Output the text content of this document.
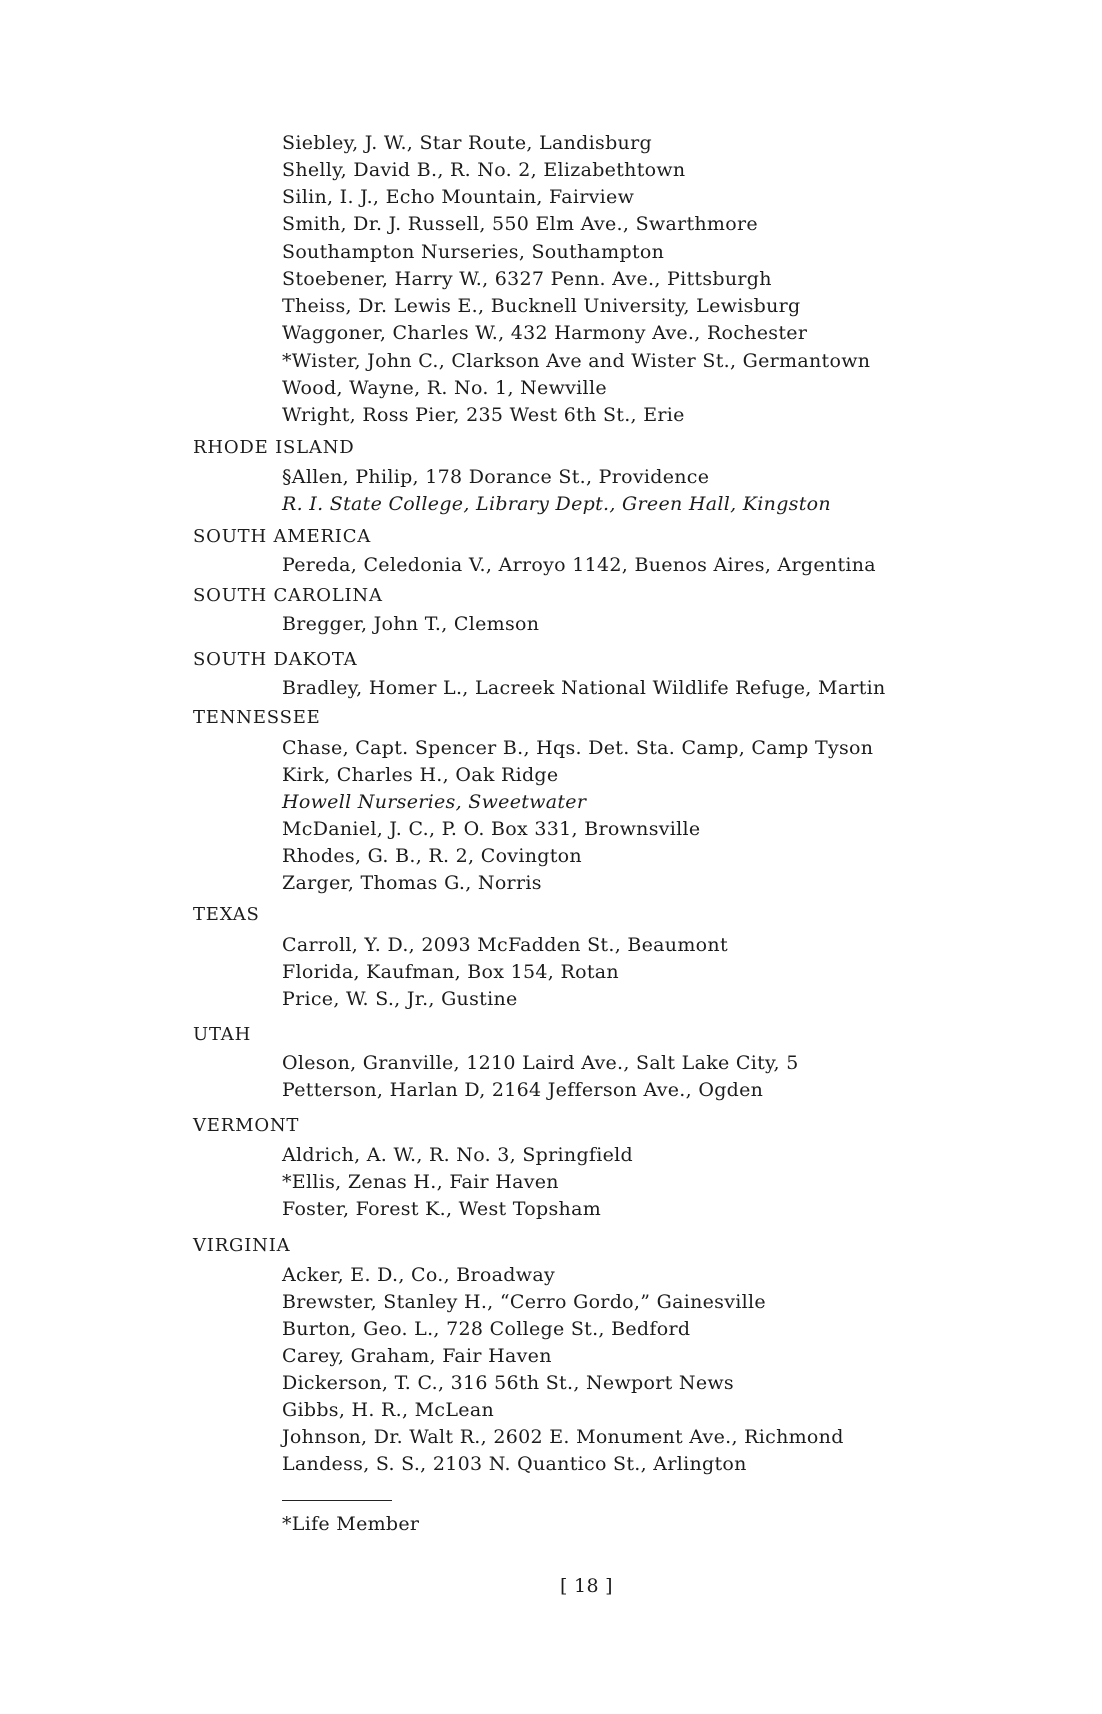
Siebley, J. W., Star Route, Landisburg
Shelly, David B., R. No. 2, Elizabethtown
Silin, I. J., Echo Mountain, Fairview
Smith, Dr. J. Russell, 550 Elm Ave., Swarthmore
Southampton Nurseries, Southampton
Stoebener, Harry W., 6327 Penn. Ave., Pittsburgh
Theiss, Dr. Lewis E., Bucknell University, Lewisburg
Waggoner, Charles W., 432 Harmony Ave., Rochester
*Wister, John C., Clarkson Ave and Wister St., Germantown
Wood, Wayne, R. No. 1, Newville
Wright, Ross Pier, 235 West 6th St., Erie
RHODE ISLAND
§Allen, Philip, 178 Dorance St., Providence
R. I. State College, Library Dept., Green Hall, Kingston
SOUTH AMERICA
Pereda, Celedonia V., Arroyo 1142, Buenos Aires, Argentina
SOUTH CAROLINA
Bregger, John T., Clemson
SOUTH DAKOTA
Bradley, Homer L., Lacreek National Wildlife Refuge, Martin
TENNESSEE
Chase, Capt. Spencer B., Hqs. Det. Sta. Camp, Camp Tyson
Kirk, Charles H., Oak Ridge
Howell Nurseries, Sweetwater
McDaniel, J. C., P. O. Box 331, Brownsville
Rhodes, G. B., R. 2, Covington
Zarger, Thomas G., Norris
TEXAS
Carroll, Y. D., 2093 McFadden St., Beaumont
Florida, Kaufman, Box 154, Rotan
Price, W. S., Jr., Gustine
UTAH
Oleson, Granville, 1210 Laird Ave., Salt Lake City, 5
Petterson, Harlan D, 2164 Jefferson Ave., Ogden
VERMONT
Aldrich, A. W., R. No. 3, Springfield
*Ellis, Zenas H., Fair Haven
Foster, Forest K., West Topsham
VIRGINIA
Acker, E. D., Co., Broadway
Brewster, Stanley H., “Cerro Gordo,” Gainesville
Burton, Geo. L., 728 College St., Bedford
Carey, Graham, Fair Haven
Dickerson, T. C., 316 56th St., Newport News
Gibbs, H. R., McLean
Johnson, Dr. Walt R., 2602 E. Monument Ave., Richmond
Landess, S. S., 2103 N. Quantico St., Arlington
*Life Member
[ 18 ]
